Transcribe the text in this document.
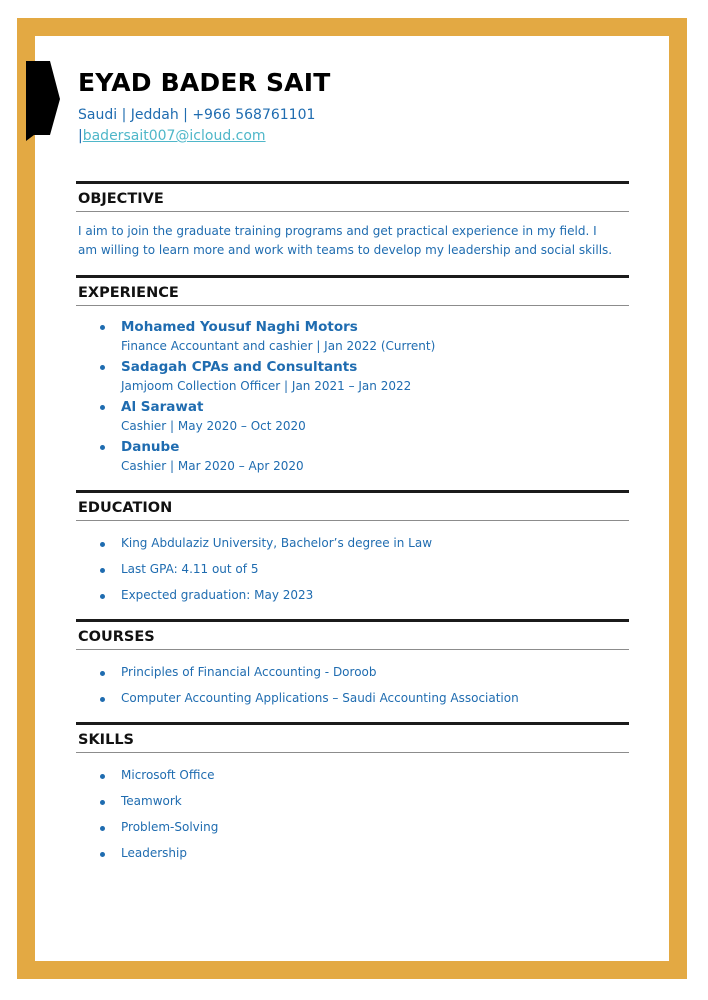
EYAD BADER SAIT
Saudi | Jeddah | +966 568761101
|badersait007@icloud.com
OBJECTIVE
I aim to join the graduate training programs and get practical experience in my field. I am willing to learn more and work with teams to develop my leadership and social skills.
EXPERIENCE
Mohamed Yousuf Naghi Motors
Finance Accountant and cashier | Jan 2022 (Current)
Sadagah CPAs and Consultants
Jamjoom Collection Officer | Jan 2021 – Jan 2022
Al Sarawat
Cashier | May 2020 – Oct 2020
Danube
Cashier | Mar 2020 – Apr 2020
EDUCATION
King Abdulaziz University, Bachelor’s degree in Law
Last GPA: 4.11 out of 5
Expected graduation: May 2023
COURSES
Principles of Financial Accounting - Doroob
Computer Accounting Applications – Saudi Accounting Association
SKILLS
Microsoft Office
Teamwork
Problem-Solving
Leadership
